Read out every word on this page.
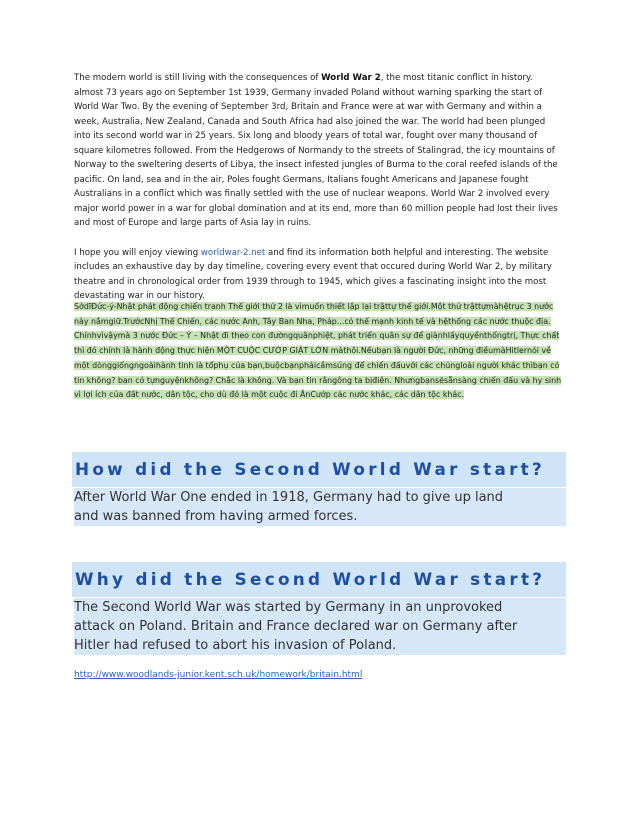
The modern world is still living with the consequences of World War 2, the most titanic conflict in history. almost 73 years ago on September 1st 1939, Germany invaded Poland without warning sparking the start of World War Two. By the evening of September 3rd, Britain and France were at war with Germany and within a week, Australia, New Zealand, Canada and South Africa had also joined the war. The world had been plunged into its second world war in 25 years. Six long and bloody years of total war, fought over many thousand of square kilometres followed. From the Hedgerows of Normandy to the streets of Stalingrad, the icy mountains of Norway to the sweltering deserts of Libya, the insect infested jungles of Burma to the coral reefed islands of the pacific. On land, sea and in the air, Poles fought Germans, Italians fought Americans and Japanese fought Australians in a conflict which was finally settled with the use of nuclear weapons. World War 2 involved every major world power in a war for global domination and at its end, more than 60 million people had lost their lives and most of Europe and large parts of Asia lay in ruins.

I hope you will enjoy viewing worldwar-2.net and find its information both helpful and interesting. The website includes an exhaustive day by day timeline, covering every event that occured during World War 2, by military theatre and in chronological order from 1939 through to 1945, which gives a fascinating insight into the most devastating war in our history.

SởdĩĐức-ý-Nhật phát động chiến tranh Thế giới thứ 2 là vìmuốn thiết lập lại trậttự thế giới.Một thứ trậttựmàhệtrục 3 nước này nắmgiữ.TrướcNhị Thế Chiến, các nước Anh, Tây Ban Nha, Pháp...có thế mạnh kinh tế và hệthống các nước thuộc địa. Chínhvìvậymà 3 nước Đức – Ý – Nhật đi theo con đườngquânphiệt, phát triển quân sự để giànhlấyquyềnthốngtrị, Thực chất thì đó chính là hành động thực hiện MỘT CUỘC CƯỚP GIẬT LỚN màthôi.Nếubạn là người Đức, những điềumàHitlernói về một dònggiốngngoàihành tinh là tổphụ của bạn,buộcbạnphảicầmsúng để chiến đấuvới các chủngloài người khác thìbạn có tin không? bạn có tựnguyệnkhông? Chắc là không. Và bạn tin rằngông ta bịđiên. Nhưngbạnsẽsẵnsàng chiến đấu và hy sinh vì lợi ích của đất nước, dân tộc, cho dù đó là một cuộc đi ĂnCướp các nước khác, các dân tộc khác.
How did the Second World War start?
After World War One ended in 1918, Germany had to give up land
and was banned from having armed forces.
Why did the Second World War start?
The Second World War was started by Germany in an unprovoked
attack on Poland. Britain and France declared war on Germany after
Hitler had refused to abort his invasion of Poland.
http://www.woodlands-junior.kent.sch.uk/homework/britain.html
